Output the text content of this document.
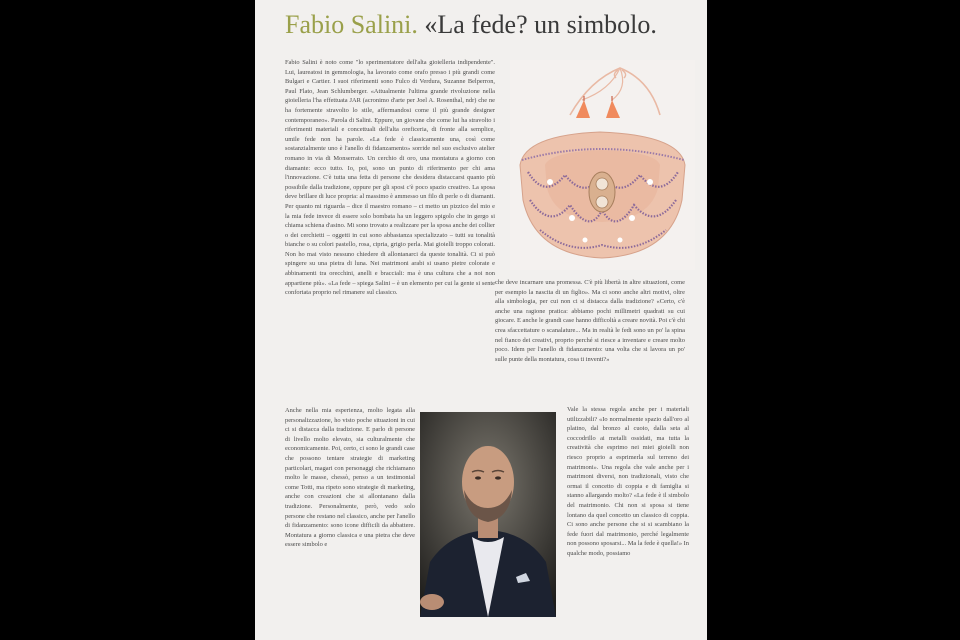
Fabio Salini. «La fede? un simbolo.

Fabio Salini è noto come "lo sperimentatore dell'alta gioielleria indipendente". Lui, laureatosi in gemmologia, ha lavorato come orafo presso i più grandi come Bulgari e Cartier. I suoi riferimenti sono Fulco di Verdura, Suzanne Belperron, Paul Flato, Jean Schlumberger. «Attualmente l'ultima grande rivoluzione nella gioielleria l'ha effettuata JAR (acronimo d'arte per Joel A. Rosenthal, ndr) che ne ha fortemente stravolto lo stile, affermandosi come il più grande designer contemporaneo». Parola di Salini. Eppure, un giovane che come lui ha stravolto i riferimenti materiali e concettuali dell'alta oreficeria, di fronte alla semplice, umile fede non ha parole. «La fede è classicamente una, così come sostanzialmente uno è l'anello di fidanzamento» sorride nel suo esclusivo atelier romano in via di Monserrato. Un cerchio di oro, una montatura a giorno con diamante: ecco tutto. Io, poi, sono un punto di riferimento per chi ama l'innovazione. C'è tutta una fetta di persone che desidera distaccarsi quanto più possibile dalla tradizione, oppure per gli sposi c'è poco spazio creativo. La sposa deve brillare di luce propria: al massimo è ammesso un filo di perle o di diamanti. Per quanto mi riguarda – dice il maestro romano – ci metto un pizzico del mio e la mia fede invece di essere solo bombata ha un leggero spigolo che in gergo si chiama schiena d'asino. Mi sono trovato a realizzare per la sposa anche dei collier o dei cerchietti – oggetti in cui sono abbastanza specializzato – tutti su tonalità bianche o su colori pastello, rosa, cipria, grigio perla. Mai gioielli troppo colorati. Non ho mai visto nessuno chiedere di allontanarci da queste tonalità. Ci si può spingere su una pietra di luna. Nei matrimoni arabi si usano pietre colorate e abbinamenti tra orecchini, anelli e bracciali: ma è una cultura che a noi non appartiene più». «La fede – spiega Salini – è un elemento per cui la gente si sente confortata proprio nel rimanere sul classico.

Anche nella mia esperienza, molto legata alla personalizzazione, ho visto poche situazioni in cui ci si distacca dalla tradizione. E parlo di persone di livello molto elevato, sia culturalmente che economicamente. Poi, certo, ci sono le grandi case che possono tentare strategie di marketing particolari, magari con personaggi che richiamano molto le masse, chessò, penso a un testimonial come Totti, ma ripeto sono strategie di marketing, anche con creazioni che si allontanano dalla tradizione. Personalmente, però, vedo solo persone che restano nel classico, anche per l'anello di fidanzamento: sono icone difficili da abbattere. Montatura a giorno classica e una pietra che deve essere simbolo e

che deve incarnare una promessa. C'è più libertà in altre situazioni, come per esempio la nascita di un figlio». Ma ci sono anche altri motivi, oltre alla simbologia, per cui non ci si distacca dalla tradizione? «Certo, c'è anche una ragione pratica: abbiamo pochi millimetri quadrati su cui giocare. E anche le grandi case hanno difficoltà a creare novità. Poi c'è chi crea sfaccettature o scanalature... Ma in realtà le fedi sono un po' la spina nel fianco dei creativi, proprio perché si riesce a inventare e creare molto poco. Idem per l'anello di fidanzamento: una volta che si lavora un po' sulle punte della montatura, cosa ti inventi?»

Vale la stessa regola anche per i materiali utilizzabili? «Io normalmente spazio dall'oro al platino, dal bronzo al cuoio, dalla seta al coccodrillo ai metalli ossidati, ma tutta la creatività che esprimo nei miei gioielli non riesco proprio a esprimerla sul terreno dei matrimoni». Una regola che vale anche per i matrimoni diversi, non tradizionali, visto che ormai il concetto di coppia e di famiglia si stanno allargando molto? «La fede è il simbolo del matrimonio. Chi non si sposa si tiene lontano da quel concetto un classico di coppia. Ci sono anche persone che si si scambiano la fede fuori dal matrimonio, perché legalmente non possono sposarsi... Ma la fede è quella!» In qualche modo, possiamo
